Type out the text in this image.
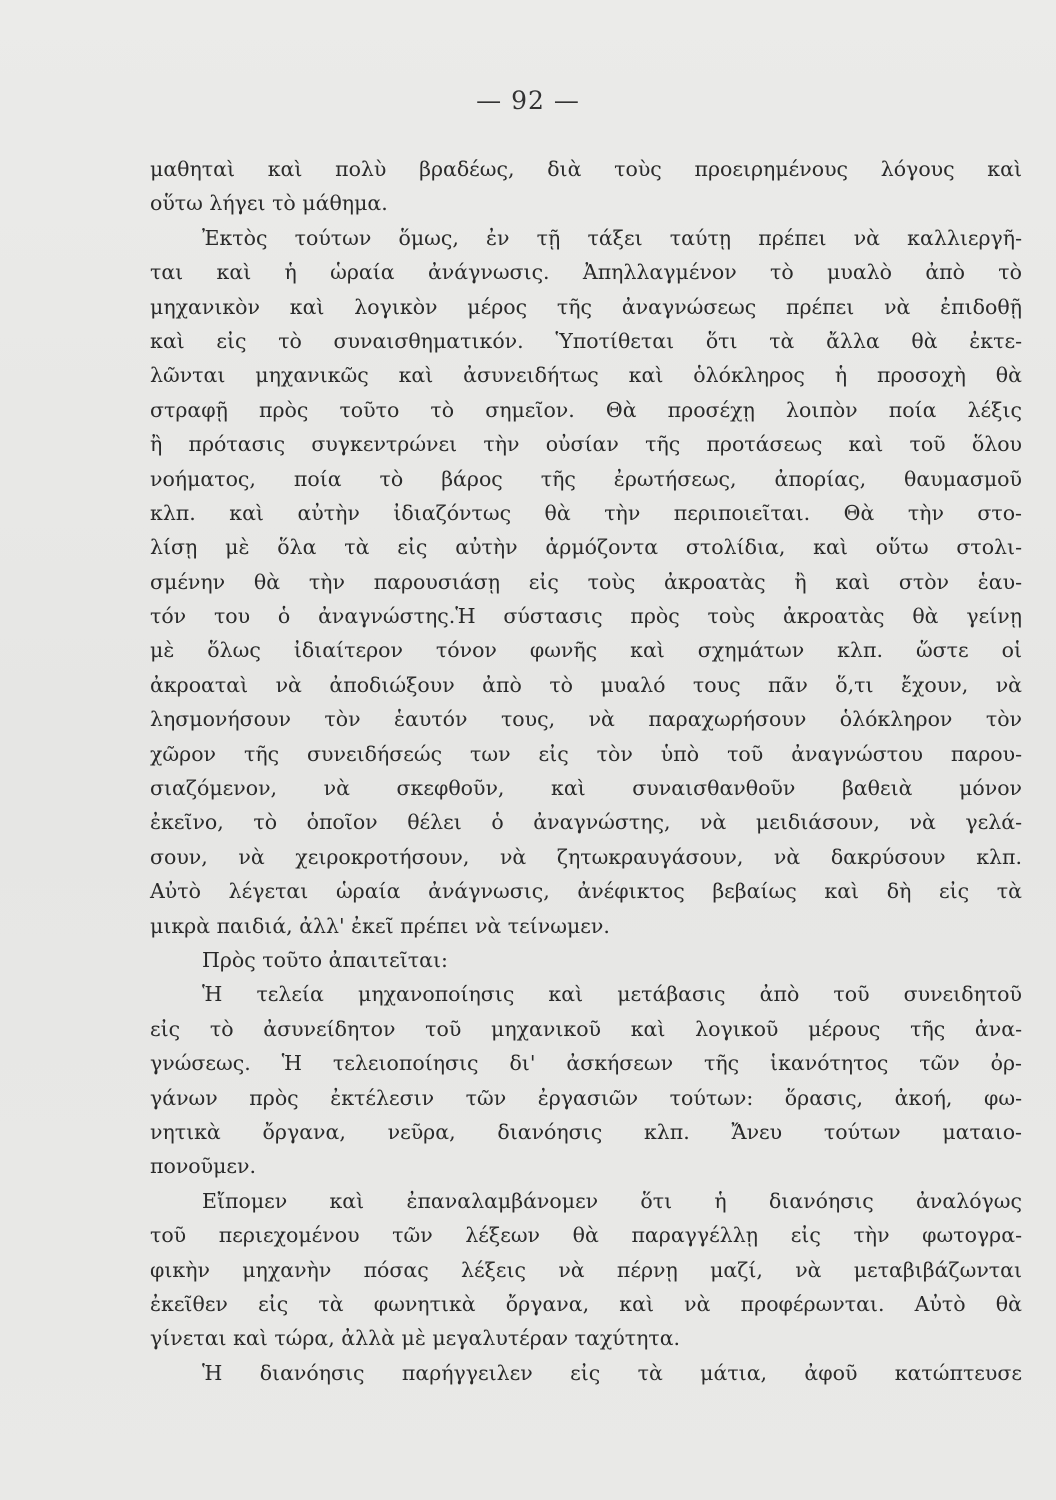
— 92 —
μαθηταὶ καὶ πολὺ βραδέως, διὰ τοὺς προειρημένους λόγους καὶ
οὕτω λήγει τὸ μάθημα.
Ἐκτὸς τούτων ὅμως, ἐν τῇ τάξει ταύτῃ πρέπει νὰ καλλιεργῆ-
ται καὶ ἡ ὡραία ἀνάγνωσις. Ἀπηλλαγμένον τὸ μυαλὸ ἀπὸ τὸ
μηχανικὸν καὶ λογικὸν μέρος τῆς ἀναγνώσεως πρέπει νὰ ἐπιδοθῇ
καὶ εἰς τὸ συναισθηματικόν. Ὑποτίθεται ὅτι τὰ ἄλλα θὰ ἐκτε-
λῶνται μηχανικῶς καὶ ἀσυνειδήτως καὶ ὁλόκληρος ἡ προσοχὴ θὰ
στραφῇ πρὸς τοῦτο τὸ σημεῖον. Θὰ προσέχῃ λοιπὸν ποία λέξις
ἢ πρότασις συγκεντρώνει τὴν οὐσίαν τῆς προτάσεως καὶ τοῦ ὅλου
νοήματος, ποία τὸ βάρος τῆς ἐρωτήσεως, ἀπορίας, θαυμασμοῦ
κλπ. καὶ αὐτὴν ἰδιαζόντως θὰ τὴν περιποιεῖται. Θὰ τὴν στο-
λίσῃ μὲ ὅλα τὰ εἰς αὐτὴν ἁρμόζοντα στολίδια, καὶ οὕτω στολι-
σμένην θὰ τὴν παρουσιάσῃ εἰς τοὺς ἀκροατὰς ἢ καὶ στὸν ἑαυ-
τόν του ὁ ἀναγνώστης.Ἡ σύστασις πρὸς τοὺς ἀκροατὰς θὰ γείνῃ
μὲ ὅλως ἰδιαίτερον τόνον φωνῆς καὶ σχημάτων κλπ. ὥστε οἱ
ἀκροαταὶ νὰ ἀποδιώξουν ἀπὸ τὸ μυαλό τους πᾶν ὅ,τι ἔχουν, νὰ
λησμονήσουν τὸν ἑαυτόν τους, νὰ παραχωρήσουν ὁλόκληρον τὸν
χῶρον τῆς συνειδήσεώς των εἰς τὸν ὑπὸ τοῦ ἀναγνώστου παρου-
σιαζόμενον, νὰ σκεφθοῦν, καὶ συναισθανθοῦν βαθειὰ μόνον
ἐκεῖνο, τὸ ὁποῖον θέλει ὁ ἀναγνώστης, νὰ μειδιάσουν, νὰ γελά-
σουν, νὰ χειροκροτήσουν, νὰ ζητωκραυγάσουν, νὰ δακρύσουν κλπ.
Αὐτὸ λέγεται ὡραία ἀνάγνωσις, ἀνέφικτος βεβαίως καὶ δὴ εἰς τὰ
μικρὰ παιδιά, ἀλλ' ἐκεῖ πρέπει νὰ τείνωμεν.
Πρὸς τοῦτο ἀπαιτεῖται:
Ἡ τελεία μηχανοποίησις καὶ μετάβασις ἀπὸ τοῦ συνειδητοῦ
εἰς τὸ ἀσυνείδητον τοῦ μηχανικοῦ καὶ λογικοῦ μέρους τῆς ἀνα-
γνώσεως. Ἡ τελειοποίησις δι' ἀσκήσεων τῆς ἱκανότητος τῶν ὀρ-
γάνων πρὸς ἐκτέλεσιν τῶν ἐργασιῶν τούτων: ὅρασις, ἀκοή, φω-
νητικὰ ὄργανα, νεῦρα, διανόησις κλπ. Ἄνευ τούτων ματαιο-
πονοῦμεν.
Εἴπομεν καὶ ἐπαναλαμβάνομεν ὅτι ἡ διανόησις ἀναλόγως
τοῦ περιεχομένου τῶν λέξεων θὰ παραγγέλλῃ εἰς τὴν φωτογρα-
φικὴν μηχανὴν πόσας λέξεις νὰ πέρνῃ μαζί, νὰ μεταβιβάζωνται
ἐκεῖθεν εἰς τὰ φωνητικὰ ὄργανα, καὶ νὰ προφέρωνται. Αὐτὸ θὰ
γίνεται καὶ τώρα, ἀλλὰ μὲ μεγαλυτέραν ταχύτητα.
Ἡ διανόησις παρήγγειλεν εἰς τὰ μάτια, ἀφοῦ κατώπτευσε
